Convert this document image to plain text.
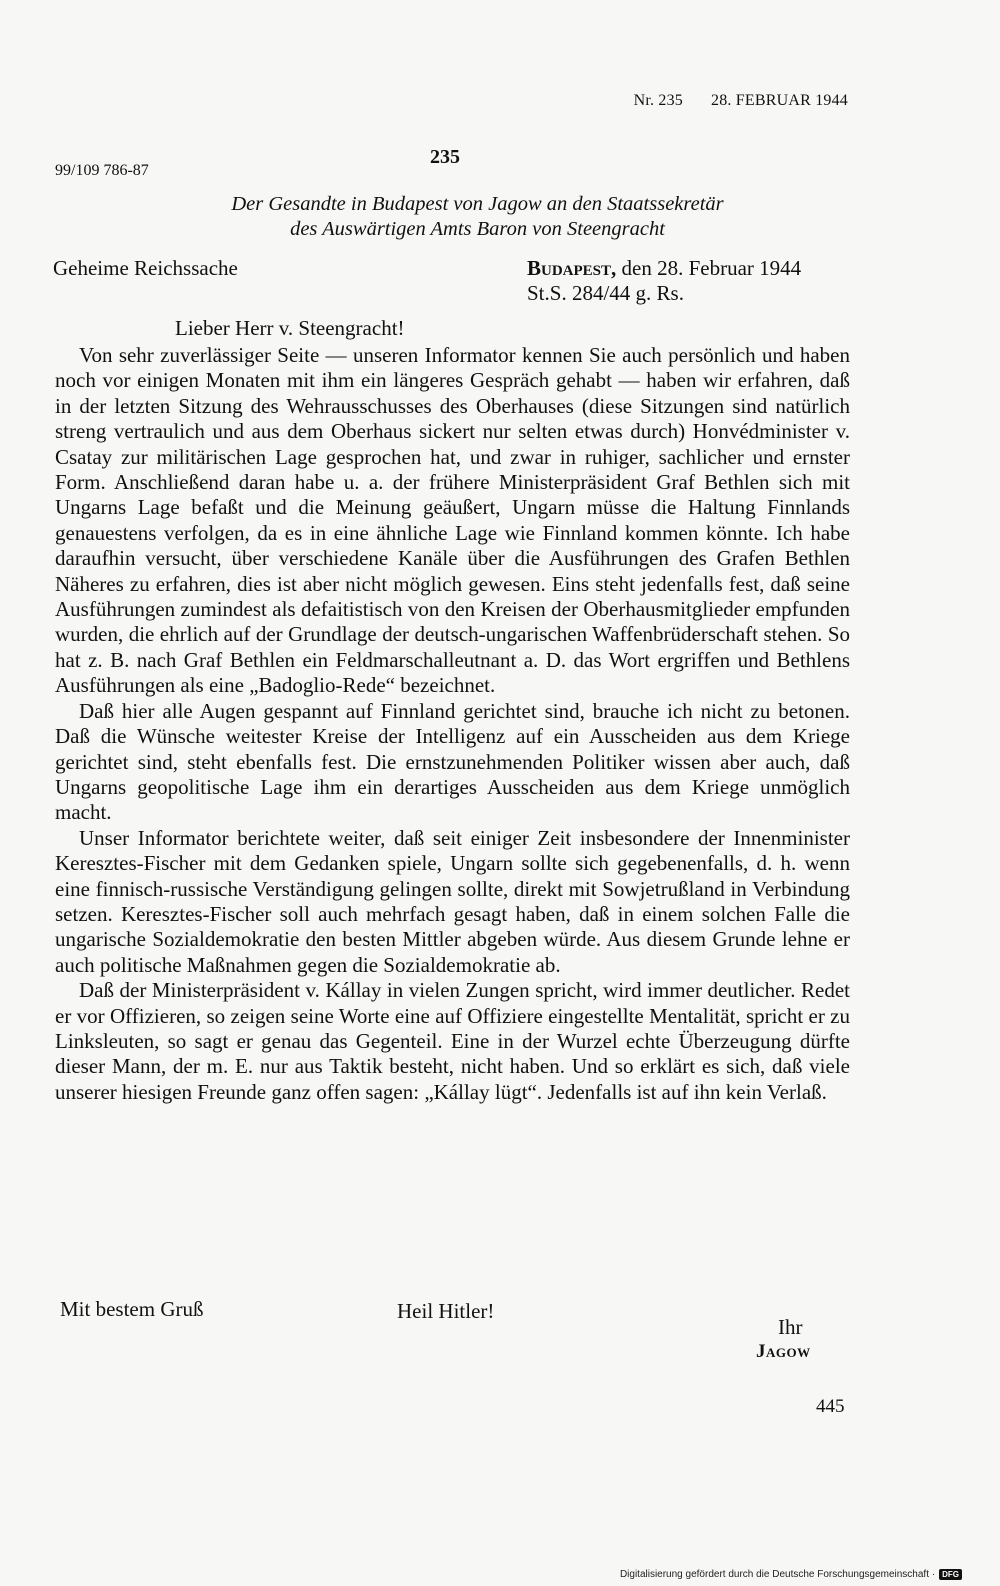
Nr. 235 28. FEBRUAR 1944
235
99/109 786-87
Der Gesandte in Budapest von Jagow an den Staatssekretär
des Auswärtigen Amts Baron von Steengracht
Geheime Reichssache	Budapest, den 28. Februar 1944
St.S. 284/44 g. Rs.
Lieber Herr v. Steengracht!

Von sehr zuverlässiger Seite — unseren Informator kennen Sie auch persönlich und haben noch vor einigen Monaten mit ihm ein längeres Gespräch gehabt — haben wir erfahren, daß in der letzten Sitzung des Wehrausschusses des Oberhauses (diese Sitzungen sind natürlich streng vertraulich und aus dem Oberhaus sickert nur selten etwas durch) Honvédminister v. Csatay zur militärischen Lage gesprochen hat, und zwar in ruhiger, sachlicher und ernster Form. Anschließend daran habe u. a. der frühere Ministerpräsident Graf Bethlen sich mit Ungarns Lage befaßt und die Meinung geäußert, Ungarn müsse die Haltung Finnlands genauestens verfolgen, da es in eine ähnliche Lage wie Finnland kommen könnte. Ich habe daraufhin versucht, über verschiedene Kanäle über die Ausführungen des Grafen Bethlen Näheres zu erfahren, dies ist aber nicht möglich gewesen. Eins steht jedenfalls fest, daß seine Ausführungen zumindest als defaitistisch von den Kreisen der Oberhausmitglieder empfunden wurden, die ehrlich auf der Grundlage der deutsch-ungarischen Waffenbrüderschaft stehen. So hat z. B. nach Graf Bethlen ein Feldmarschalleutnant a. D. das Wort ergriffen und Bethlens Ausführungen als eine „Badoglio-Rede“ bezeichnet.

Daß hier alle Augen gespannt auf Finnland gerichtet sind, brauche ich nicht zu betonen. Daß die Wünsche weitester Kreise der Intelligenz auf ein Ausscheiden aus dem Kriege gerichtet sind, steht ebenfalls fest. Die ernstzunehmenden Politiker wissen aber auch, daß Ungarns geopolitische Lage ihm ein derartiges Ausscheiden aus dem Kriege unmöglich macht.

Unser Informator berichtete weiter, daß seit einiger Zeit insbesondere der Innenminister Keresztes-Fischer mit dem Gedanken spiele, Ungarn sollte sich gegebenenfalls, d. h. wenn eine finnisch-russische Verständigung gelingen sollte, direkt mit Sowjetrußland in Verbindung setzen. Keresztes-Fischer soll auch mehrfach gesagt haben, daß in einem solchen Falle die ungarische Sozialdemokratie den besten Mittler abgeben würde. Aus diesem Grunde lehne er auch politische Maßnahmen gegen die Sozialdemokratie ab.

Daß der Ministerpräsident v. Kállay in vielen Zungen spricht, wird immer deutlicher. Redet er vor Offizieren, so zeigen seine Worte eine auf Offiziere eingestellte Mentalität, spricht er zu Linksleuten, so sagt er genau das Gegenteil. Eine in der Wurzel echte Überzeugung dürfte dieser Mann, der m. E. nur aus Taktik besteht, nicht haben. Und so erklärt es sich, daß viele unserer hiesigen Freunde ganz offen sagen: „Kállay lügt“. Jedenfalls ist auf ihn kein Verlaß.

Mit bestem Gruß	Heil Hitler!
Ihr
Jagow
445
Digitalisierung gefördert durch die Deutsche Forschungsgemeinschaft · DFG
